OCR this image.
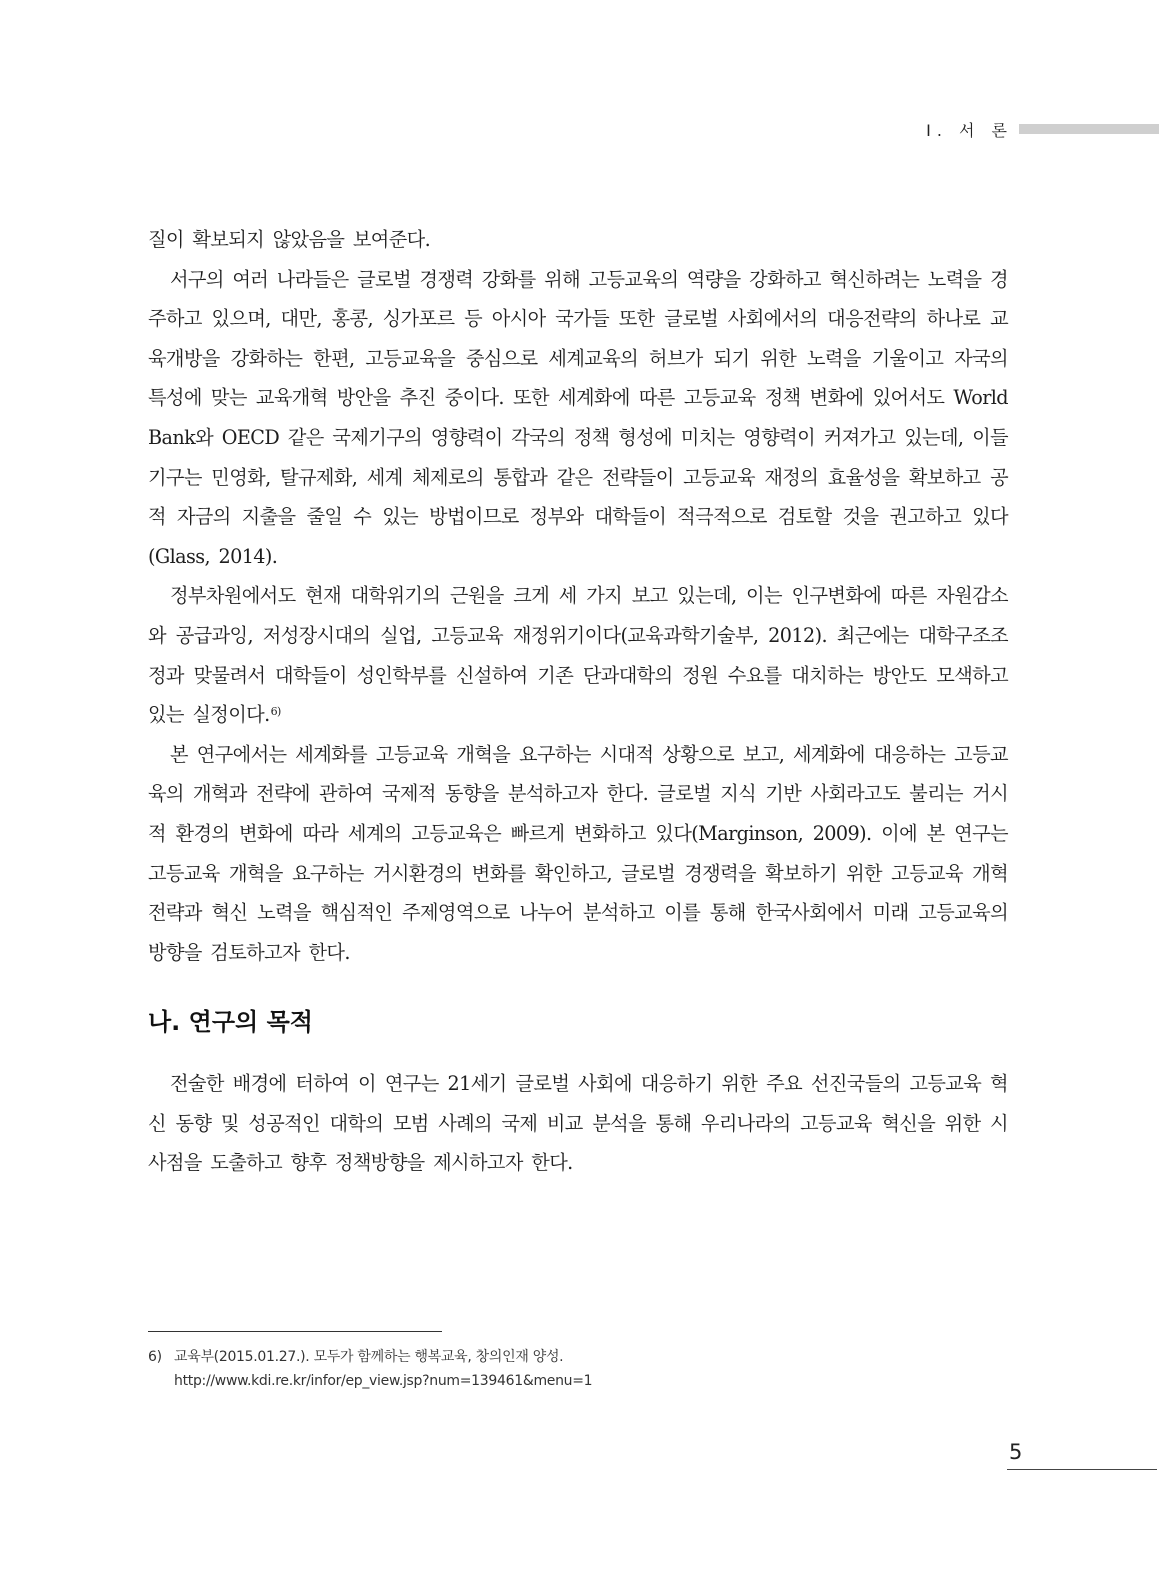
Ⅰ. 서 론

질이 확보되지 않았음을 보여준다.

서구의 여러 나라들은 글로벌 경쟁력 강화를 위해 고등교육의 역량을 강화하고 혁신하려는 노력을 경주하고 있으며, 대만, 홍콩, 싱가포르 등 아시아 국가들 또한 글로벌 사회에서의 대응전략의 하나로 교육개방을 강화하는 한편, 고등교육을 중심으로 세계교육의 허브가 되기 위한 노력을 기울이고 자국의 특성에 맞는 교육개혁 방안을 추진 중이다. 또한 세계화에 따른 고등교육 정책 변화에 있어서도 World Bank와 OECD 같은 국제기구의 영향력이 각국의 정책 형성에 미치는 영향력이 커져가고 있는데, 이들 기구는 민영화, 탈규제화, 세계 체제로의 통합과 같은 전략들이 고등교육 재정의 효율성을 확보하고 공적 자금의 지출을 줄일 수 있는 방법이므로 정부와 대학들이 적극적으로 검토할 것을 권고하고 있다(Glass, 2014).

정부차원에서도 현재 대학위기의 근원을 크게 세 가지 보고 있는데, 이는 인구변화에 따른 자원감소와 공급과잉, 저성장시대의 실업, 고등교육 재정위기이다(교육과학기술부, 2012). 최근에는 대학구조조정과 맞물려서 대학들이 성인학부를 신설하여 기존 단과대학의 정원 수요를 대치하는 방안도 모색하고 있는 실정이다.$^{6)}$

본 연구에서는 세계화를 고등교육 개혁을 요구하는 시대적 상황으로 보고, 세계화에 대응하는 고등교육의 개혁과 전략에 관하여 국제적 동향을 분석하고자 한다. 글로벌 지식 기반 사회라고도 불리는 거시적 환경의 변화에 따라 세계의 고등교육은 빠르게 변화하고 있다(Marginson, 2009). 이에 본 연구는 고등교육 개혁을 요구하는 거시환경의 변화를 확인하고, 글로벌 경쟁력을 확보하기 위한 고등교육 개혁 전략과 혁신 노력을 핵심적인 주제영역으로 나누어 분석하고 이를 통해 한국사회에서 미래 고등교육의 방향을 검토하고자 한다.

나. 연구의 목적

전술한 배경에 터하여 이 연구는 21세기 글로벌 사회에 대응하기 위한 주요 선진국들의 고등교육 혁신 동향 및 성공적인 대학의 모범 사례의 국제 비교 분석을 통해 우리나라의 고등교육 혁신을 위한 시사점을 도출하고 향후 정책방향을 제시하고자 한다.

6) 교육부(2015.01.27.). 모두가 함께하는 행복교육, 창의인재 양성.
http://www.kdi.re.kr/infor/ep_view.jsp?num=139461&menu=1
5
